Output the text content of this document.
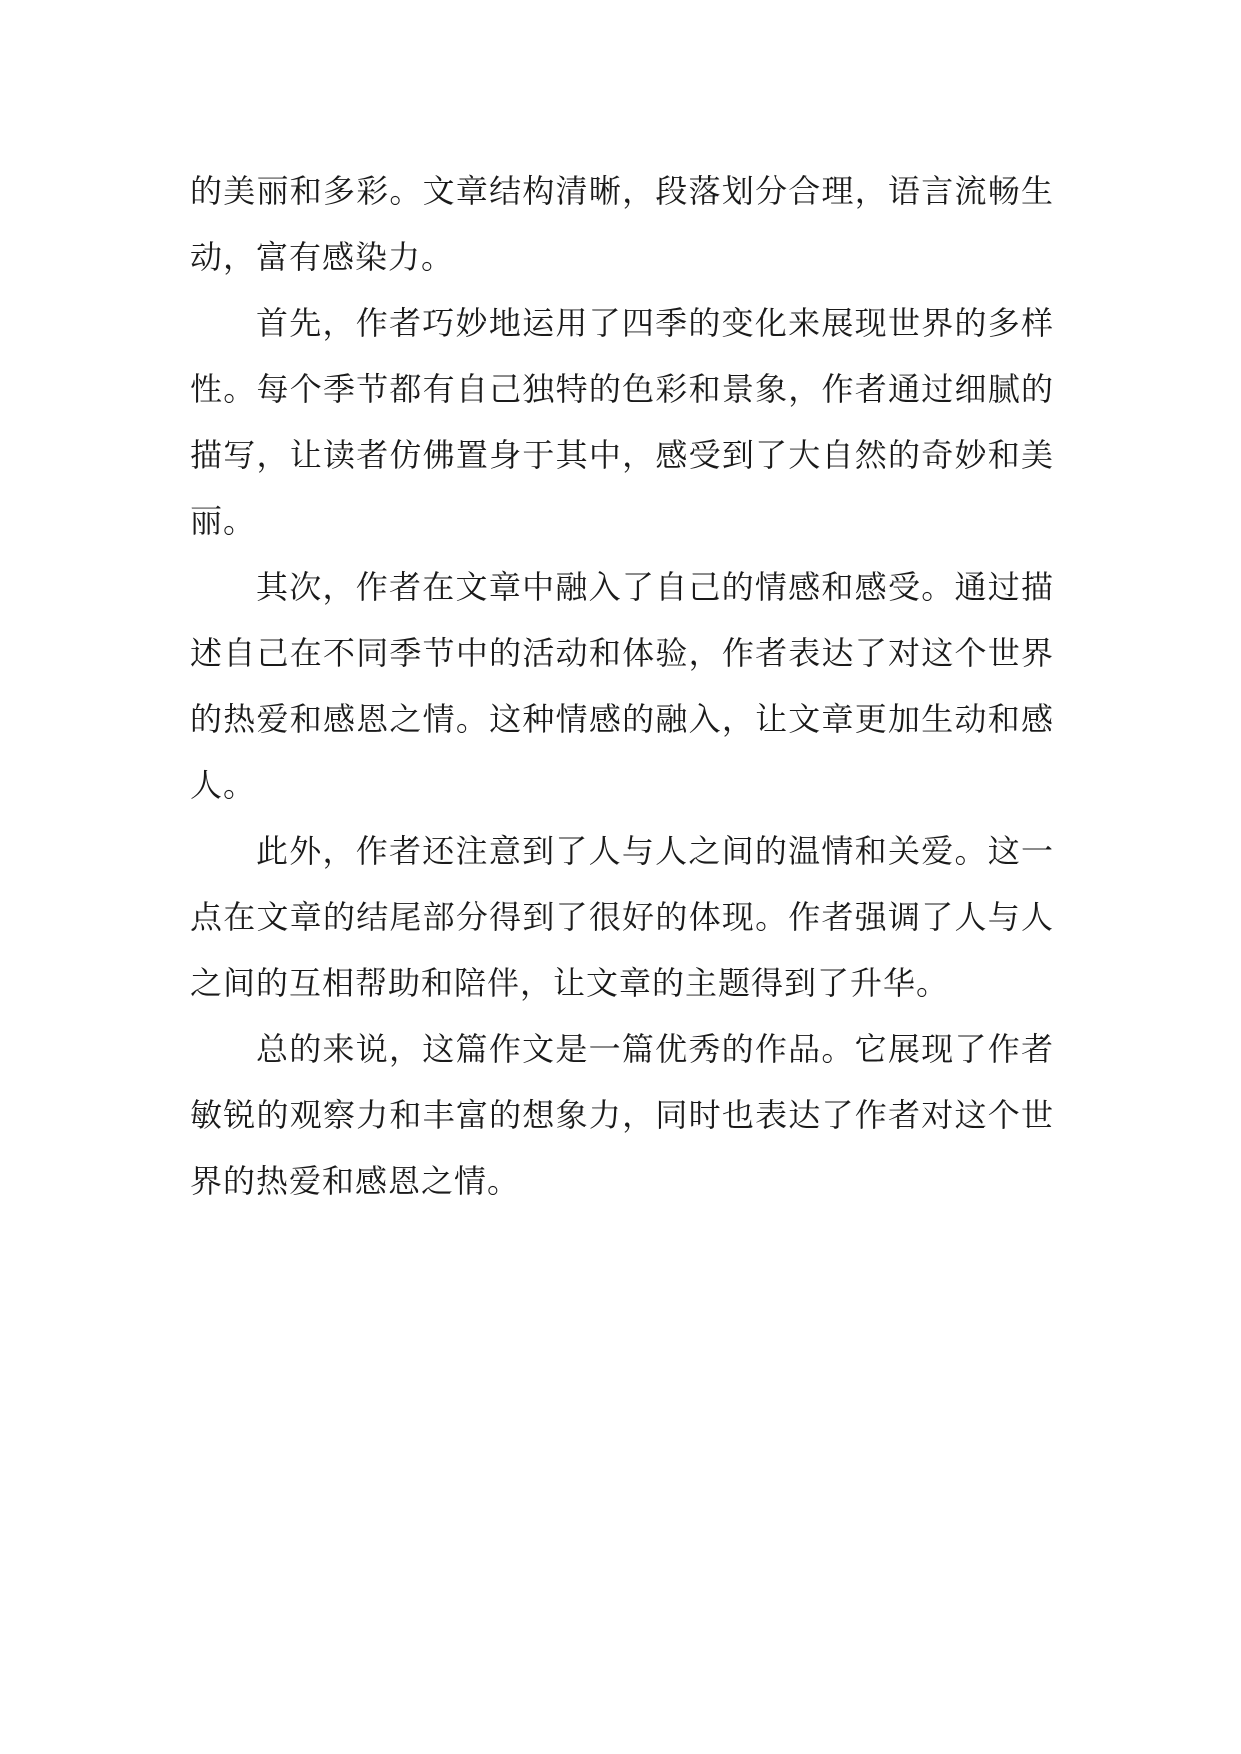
的美丽和多彩。文章结构清晰，段落划分合理，语言流畅生动，富有感染力。

首先，作者巧妙地运用了四季的变化来展现世界的多样性。每个季节都有自己独特的色彩和景象，作者通过细腻的描写，让读者仿佛置身于其中，感受到了大自然的奇妙和美丽。

其次，作者在文章中融入了自己的情感和感受。通过描述自己在不同季节中的活动和体验，作者表达了对这个世界的热爱和感恩之情。这种情感的融入，让文章更加生动和感人。

此外，作者还注意到了人与人之间的温情和关爱。这一点在文章的结尾部分得到了很好的体现。作者强调了人与人之间的互相帮助和陪伴，让文章的主题得到了升华。

总的来说，这篇作文是一篇优秀的作品。它展现了作者敏锐的观察力和丰富的想象力，同时也表达了作者对这个世界的热爱和感恩之情。
